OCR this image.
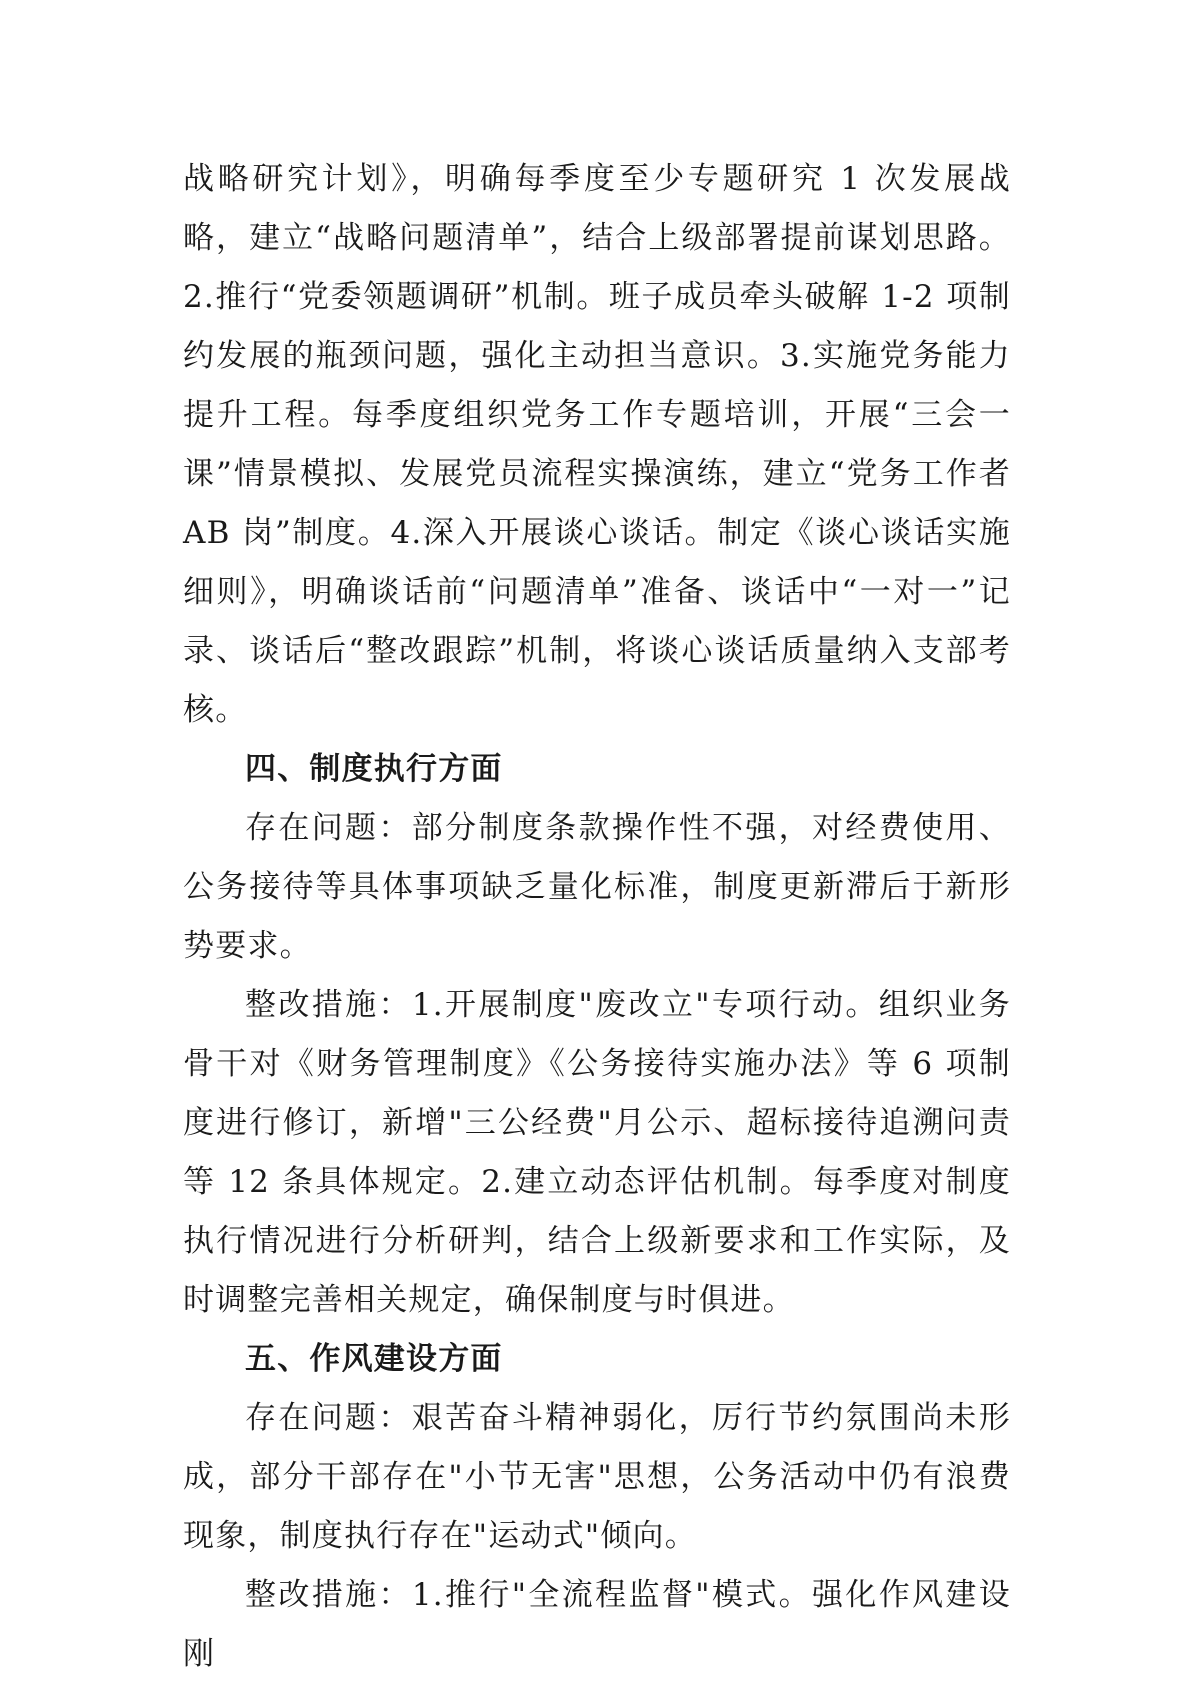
战略研究计划》，明确每季度至少专题研究 1 次发展战略，建立“战略问题清单”，结合上级部署提前谋划思路。2.推行“党委领题调研”机制。班子成员牵头破解 1-2 项制约发展的瓶颈问题，强化主动担当意识。3.实施党务能力提升工程。每季度组织党务工作专题培训，开展“三会一课”情景模拟、发展党员流程实操演练，建立“党务工作者 AB 岗”制度。4.深入开展谈心谈话。制定《谈心谈话实施细则》，明确谈话前“问题清单”准备、谈话中“一对一”记录、谈话后“整改跟踪”机制，将谈心谈话质量纳入支部考核。

四、制度执行方面

存在问题：部分制度条款操作性不强，对经费使用、公务接待等具体事项缺乏量化标准，制度更新滞后于新形势要求。

整改措施：1.开展制度"废改立"专项行动。组织业务骨干对《财务管理制度》《公务接待实施办法》等 6 项制度进行修订，新增"三公经费"月公示、超标接待追溯问责等 12 条具体规定。2.建立动态评估机制。每季度对制度执行情况进行分析研判，结合上级新要求和工作实际，及时调整完善相关规定，确保制度与时俱进。

五、作风建设方面

存在问题：艰苦奋斗精神弱化，厉行节约氛围尚未形成，部分干部存在"小节无害"思想，公务活动中仍有浪费现象，制度执行存在"运动式"倾向。

整改措施：1.推行"全流程监督"模式。强化作风建设刚
